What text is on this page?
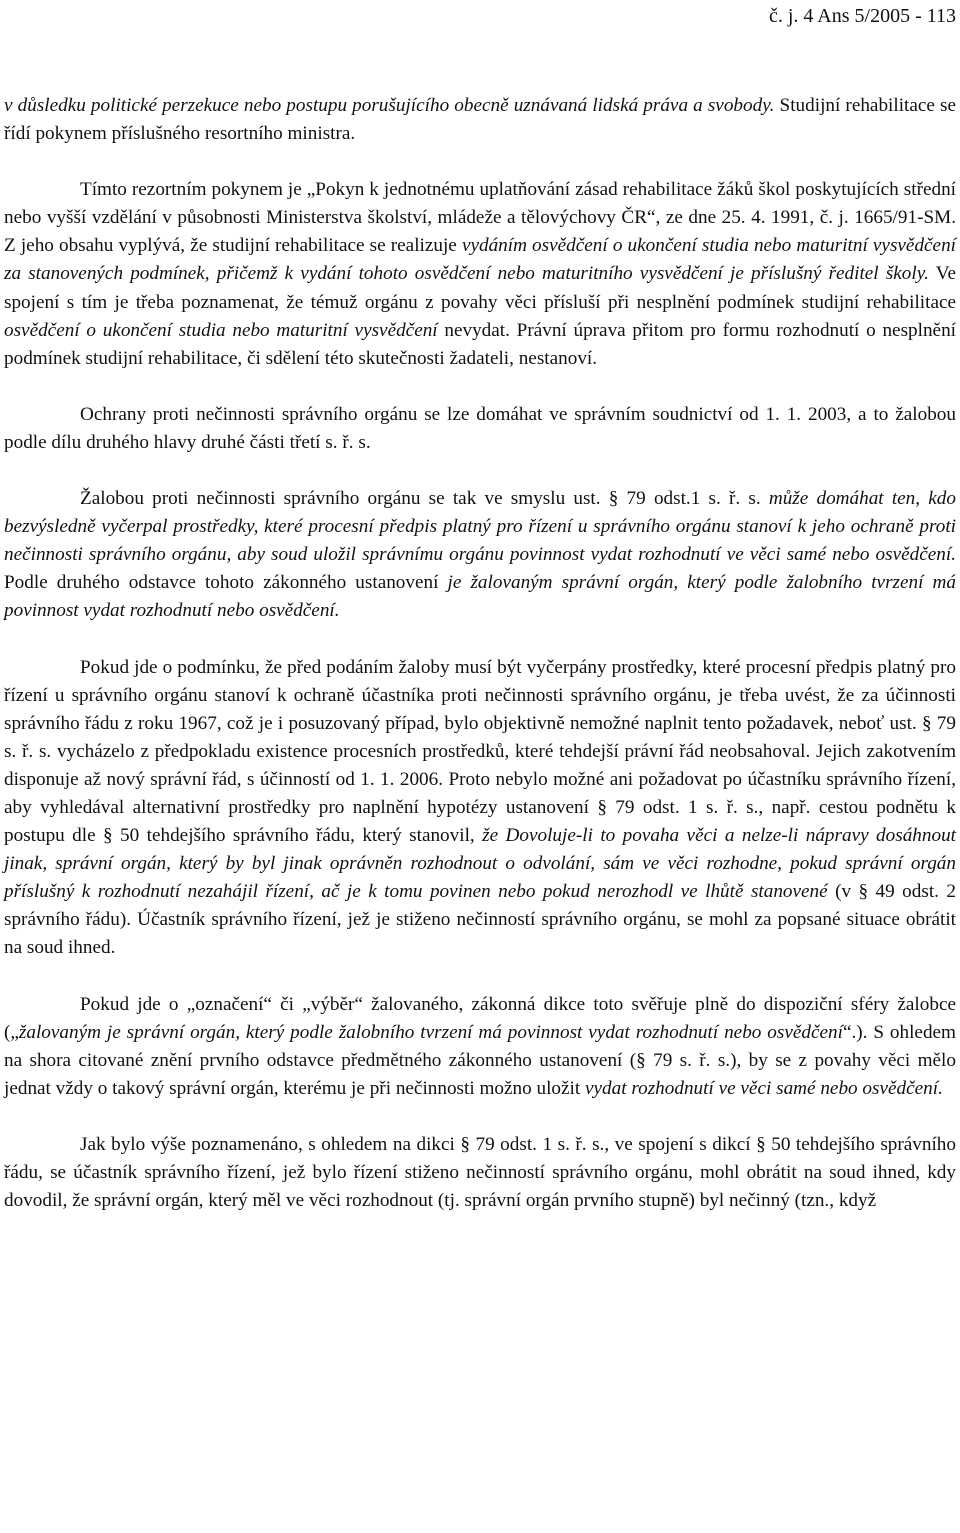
č. j. 4 Ans 5/2005 - 113

v důsledku politické perzekuce nebo postupu porušujícího obecně uznávaná lidská práva a svobody. Studijní rehabilitace se řídí pokynem příslušného resortního ministra.

Tímto rezortním pokynem je „Pokyn k jednotnému uplatňování zásad rehabilitace žáků škol poskytujících střední nebo vyšší vzdělání v působnosti Ministerstva školství, mládeže a tělovýchovy ČR“, ze dne 25. 4. 1991, č. j. 1665/91-SM. Z jeho obsahu vyplývá, že studijní rehabilitace se realizuje vydáním osvědčení o ukončení studia nebo maturitní vysvědčení za stanovených podmínek, přičemž k vydání tohoto osvědčení nebo maturitního vysvědčení je příslušný ředitel školy. Ve spojení s tím je třeba poznamenat, že témuž orgánu z povahy věci přísluší při nesplnění podmínek studijní rehabilitace osvědčení o ukončení studia nebo maturitní vysvědčení nevydat. Právní úprava přitom pro formu rozhodnutí o nesplnění podmínek studijní rehabilitace, či sdělení této skutečnosti žadateli, nestanoví.

Ochrany proti nečinnosti správního orgánu se lze domáhat ve správním soudnictví od 1. 1. 2003, a to žalobou podle dílu druhého hlavy druhé části třetí s. ř. s.

Žalobou proti nečinnosti správního orgánu se tak ve smyslu ust. § 79 odst.1 s. ř. s. může domáhat ten, kdo bezvýsledně vyčerpal prostředky, které procesní předpis platný pro řízení u správního orgánu stanoví k jeho ochraně proti nečinnosti správního orgánu, aby soud uložil správnímu orgánu povinnost vydat rozhodnutí ve věci samé nebo osvědčení. Podle druhého odstavce tohoto zákonného ustanovení je žalovaným správní orgán, který podle žalobního tvrzení má povinnost vydat rozhodnutí nebo osvědčení.

Pokud jde o podmínku, že před podáním žaloby musí být vyčerpány prostředky, které procesní předpis platný pro řízení u správního orgánu stanoví k ochraně účastníka proti nečinnosti správního orgánu, je třeba uvést, že za účinnosti správního řádu z roku 1967, což je i posuzovaný případ, bylo objektivně nemožné naplnit tento požadavek, neboť ust. § 79 s. ř. s. vycházelo z předpokladu existence procesních prostředků, které tehdejší právní řád neobsahoval. Jejich zakotvením disponuje až nový správní řád, s účinností od 1. 1. 2006. Proto nebylo možné ani požadovat po účastníku správního řízení, aby vyhledával alternativní prostředky pro naplnění hypotézy ustanovení § 79 odst. 1 s. ř. s., např. cestou podnětu k postupu dle § 50 tehdejšího správního řádu, který stanovil, že Dovoluje-li to povaha věci a nelze-li nápravy dosáhnout jinak, správní orgán, který by byl jinak oprávněn rozhodnout o odvolání, sám ve věci rozhodne, pokud správní orgán příslušný k rozhodnutí nezahájil řízení, ač je k tomu povinen nebo pokud nerozhodl ve lhůtě stanovené (v § 49 odst. 2 správního řádu). Účastník správního řízení, jež je stiženo nečinností správního orgánu, se mohl za popsané situace obrátit na soud ihned.

Pokud jde o „označení“ či „výběr“ žalovaného, zákonná dikce toto svěřuje plně do dispoziční sféry žalobce („žalovaným je správní orgán, který podle žalobního tvrzení má povinnost vydat rozhodnutí nebo osvědčení“.). S ohledem na shora citované znění prvního odstavce předmětného zákonného ustanovení (§ 79 s. ř. s.), by se z povahy věci mělo jednat vždy o takový správní orgán, kterému je při nečinnosti možno uložit vydat rozhodnutí ve věci samé nebo osvědčení.

Jak bylo výše poznamenáno, s ohledem na dikci § 79 odst. 1 s. ř. s., ve spojení s dikcí § 50 tehdejšího správního řádu, se účastník správního řízení, jež bylo řízení stiženo nečinností správního orgánu, mohl obrátit na soud ihned, kdy dovodil, že správní orgán, který měl ve věci rozhodnout (tj. správní orgán prvního stupně) byl nečinný (tzn., když
